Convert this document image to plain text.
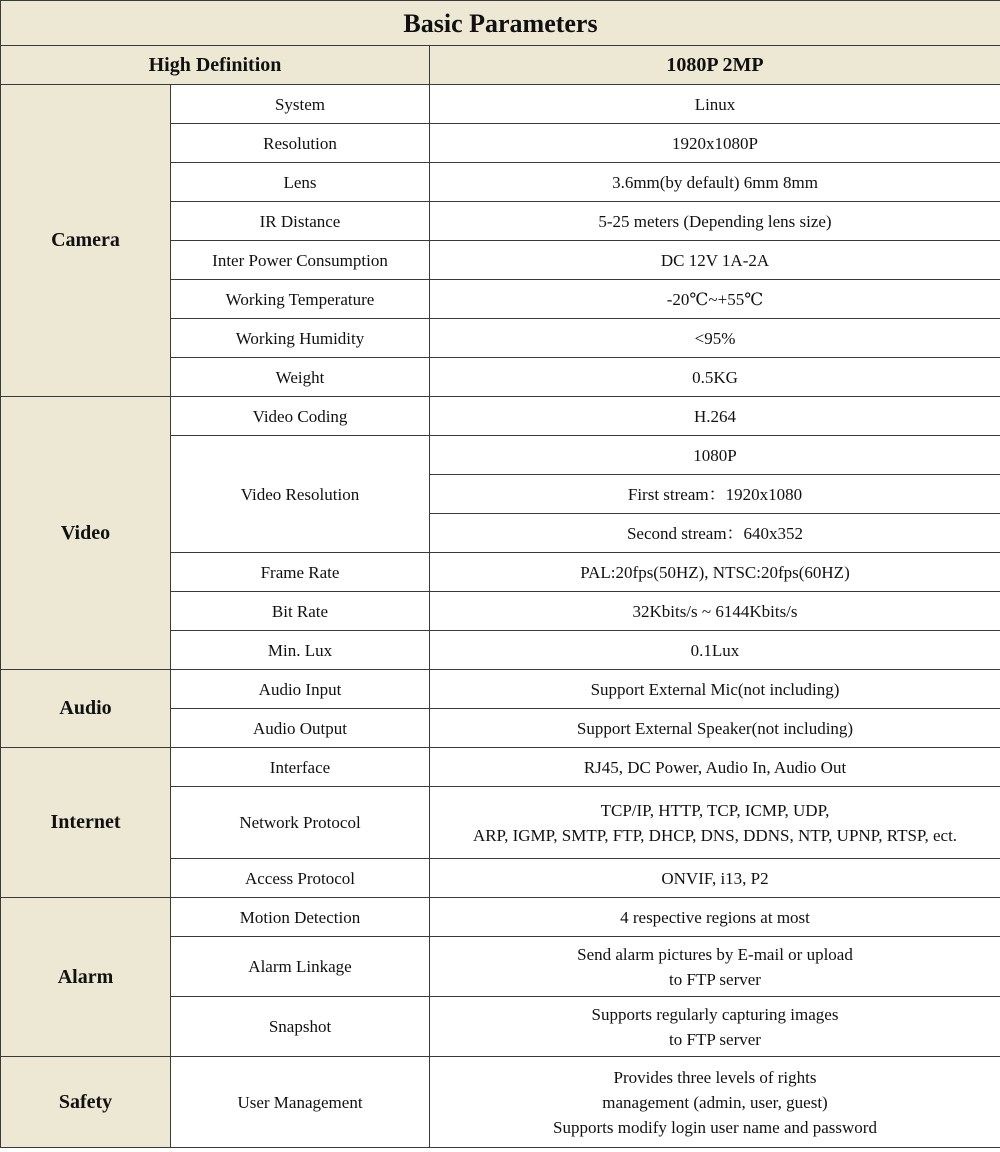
Basic Parameters		
High Definition		1080P 2MP
Camera	System	Linux
	Resolution	1920x1080P
	Lens	3.6mm(by default) 6mm 8mm
	IR Distance	5-25 meters (Depending lens size)
	Inter Power Consumption	DC 12V 1A-2A
	Working Temperature	-20℃~+55℃
	Working Humidity	<95%
	Weight	0.5KG
Video	Video Coding	H.264
	Video Resolution	1080P
		First stream：1920x1080
		Second stream：640x352
	Frame Rate	PAL:20fps(50HZ), NTSC:20fps(60HZ)
	Bit Rate	32Kbits/s ~ 6144Kbits/s
	Min. Lux	0.1Lux
Audio	Audio Input	Support External Mic(not including)
	Audio Output	Support External Speaker(not including)
Internet	Interface	RJ45, DC Power, Audio In, Audio Out
	Network Protocol	TCP/IP, HTTP, TCP, ICMP, UDP,
ARP, IGMP, SMTP, FTP, DHCP, DNS, DDNS, NTP, UPNP, RTSP, ect.

	Access Protocol	ONVIF, i13, P2
Alarm	Motion Detection	4 respective regions at most
	Alarm Linkage	Send alarm pictures by E-mail or upload
to FTP server

	Snapshot	Supports regularly capturing images
to FTP server

Safety	User Management	Provides three levels of rights
management (admin, user, guest)
Supports modify login user name and password
